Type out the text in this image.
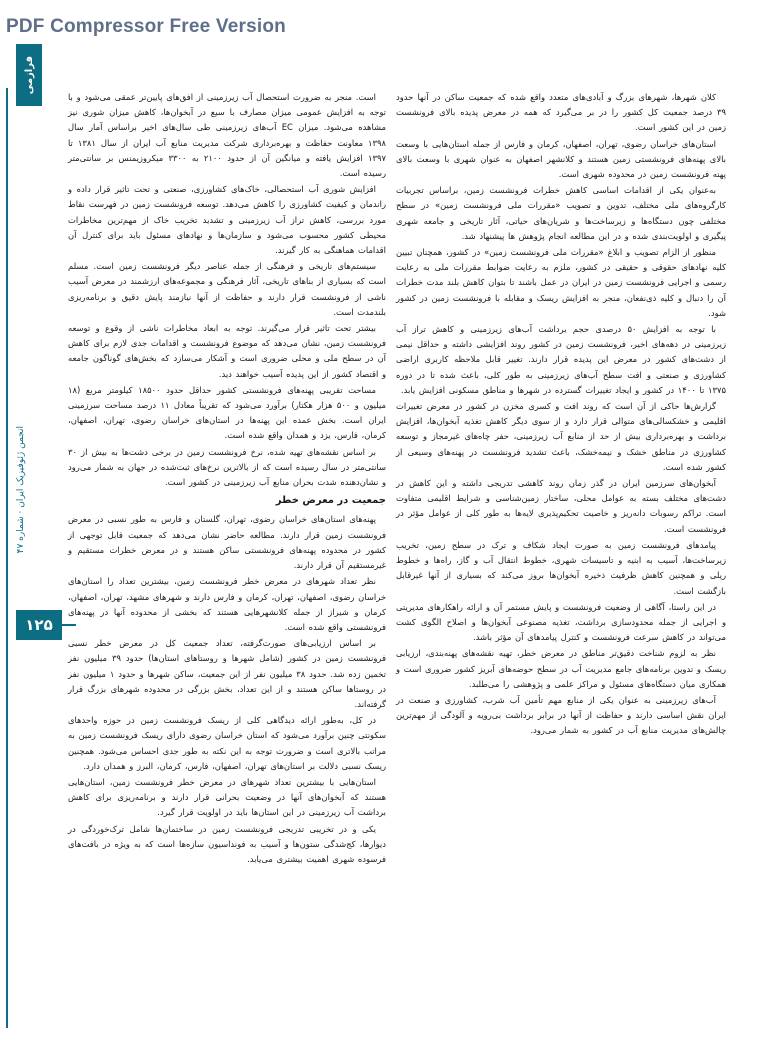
PDF Compressor Free Version
فرازمی
انجمن ژئوفیزیک ایران · شماره ۴۷
۱۲۵

کلان شهرها، شهرهای بزرگ و آبادی‌های متعدد واقع شده که جمعیت ساکن در آنها حدود ۳۹ درصد جمعیت کل کشور را در بر می‌گیرد که همه در معرض پدیده بالای فرونشست زمین در این کشور است.

استان‌های خراسان رضوی، تهران، اصفهان، کرمان و فارس از جمله استان‌هایی با وسعت بالای پهنه‌های فرونشستی زمین هستند و کلانشهر اصفهان به عنوان شهری با وسعت بالای پهنه فرونشست زمین در محدوده شهری است.

به‌عنوان یکی از اقدامات اساسی کاهش خطرات فرونشست زمین، براساس تجربیات کارگروه‌های ملی مختلف، تدوین و تصویب «مقررات ملی فرونشست زمین» در سطح مختلفی چون دستگاه‌ها و زیرساخت‌ها و شریان‌های حیاتی، آثار تاریخی و جامعه شهری پیگیری و اولویت‌بندی شده و در این مطالعه انجام پژوهش ها پیشنهاد شد.

منظور از الزام تصویب و ابلاغ «مقررات ملی فرونشست زمین» در کشور، همچنان تبیین کلیه نهادهای حقوقی و حقیقی در کشور، ملزم به رعایت ضوابط مقررات ملی به رعایت رسمی و اجرایی فرونشست زمین در ایران در عمل باشند تا بتوان کاهش بلند مدت خطرات آن را دنبال و کلیه ذی‌نفعان، منجر به افزایش ریسک و مقابله با فرونشست زمین در کشور شود.

با توجه به افزایش ۵۰ درصدی حجم برداشت آب‌های زیرزمینی و کاهش تراز آب زیرزمینی در دهه‌های اخیر، فرونشست زمین در کشور روند افزایشی داشته و حداقل نیمی از دشت‌های کشور در معرض این پدیده قرار دارند. تغییر قابل ملاحظه کاربری اراضی کشاورزی و صنعتی و افت سطح آب‌های زیرزمینی به طور کلی، باعث شده تا در دوره ۱۳۷۵ تا ۱۴۰۰ در کشور و ایجاد تغییرات گسترده در شهرها و مناطق مسکونی افزایش یابد.

گزارش‌ها حاکی از آن است که روند افت و کسری مخزن در کشور در معرض تغییرات اقلیمی و خشکسالی‌های متوالی قرار دارد و از سوی دیگر کاهش تغذیه آبخوان‌ها، افزایش برداشت و بهره‌برداری بیش از حد از منابع آب زیرزمینی، حفر چاه‌های غیرمجاز و توسعه کشاورزی در مناطق خشک و نیمه‌خشک، باعث تشدید فرونشست در پهنه‌های وسیعی از کشور شده است.

آبخوان‌های سرزمین ایران در گذر زمان روند کاهشی تدریجی داشته و این کاهش در دشت‌های مختلف بسته به عوامل محلی، ساختار زمین‌شناسی و شرایط اقلیمی متفاوت است. تراکم رسوبات دانه‌ریز و خاصیت تحکیم‌پذیری لایه‌ها به طور کلی از عوامل مؤثر در فرونشست است.

پیامدهای فرونشست زمین به صورت ایجاد شکاف و ترک در سطح زمین، تخریب زیرساخت‌ها، آسیب به ابنیه و تاسیسات شهری، خطوط انتقال آب و گاز، راه‌ها و خطوط ریلی و همچنین کاهش ظرفیت ذخیره آبخوان‌ها بروز می‌کند که بسیاری از آنها غیرقابل بازگشت است.

در این راستا، آگاهی از وضعیت فرونشست و پایش مستمر آن و ارائه راهکارهای مدیریتی و اجرایی از جمله محدودسازی برداشت، تغذیه مصنوعی آبخوان‌ها و اصلاح الگوی کشت می‌تواند در کاهش سرعت فرونشست و کنترل پیامدهای آن مؤثر باشد.

نظر به لزوم شناخت دقیق‌تر مناطق در معرض خطر، تهیه نقشه‌های پهنه‌بندی، ارزیابی ریسک و تدوین برنامه‌های جامع مدیریت آب در سطح حوضه‌های آبریز کشور ضروری است و همکاری میان دستگاه‌های مسئول و مراکز علمی و پژوهشی را می‌طلبد.

آب‌های زیرزمینی به عنوان یکی از منابع مهم تأمین آب شرب، کشاورزی و صنعت در ایران نقش اساسی دارند و حفاظت از آنها در برابر برداشت بی‌رویه و آلودگی از مهم‌ترین چالش‌های مدیریت منابع آب در کشور به شمار می‌رود.

است. منجر به ضرورت استحصال آب زیرزمینی از افق‌های پایین‌تر عمقی می‌شود و با توجه به افزایش عمومی میزان مصارف با سیع در آبخوان‌ها، کاهش میزان شوری نیز مشاهده می‌شود. میزان EC آب‌های زیرزمینی طی سال‌های اخیر براساس آمار سال ۱۳۹۸ معاونت حفاظت و بهره‌برداری شرکت مدیریت منابع آب ایران از سال ۱۳۸۱ تا ۱۳۹۷ افزایش یافته و میانگین آن از حدود ۲۱۰۰ به ۳۳۰۰ میکروزیمنس بر سانتی‌متر رسیده است.

افزایش شوری آب استحصالی، خاک‌های کشاورزی، صنعتی و تحت تاثیر قرار داده و راندمان و کیفیت کشاورزی را کاهش می‌دهد. توسعه فرونشست زمین در فهرست نقاط مورد بررسی، کاهش تراز آب زیرزمینی و تشدید تخریب خاک از مهم‌ترین مخاطرات محیطی کشور محسوب می‌شود و سازمان‌ها و نهادهای مسئول باید برای کنترل آن اقدامات هماهنگی به کار گیرند.

سیستم‌های تاریخی و فرهنگی از جمله عناصر دیگر فرونشست زمین است. مسلم است که بسیاری از بناهای تاریخی، آثار فرهنگی و مجموعه‌های ارزشمند در معرض آسیب ناشی از فرونشست قرار دارند و حفاظت از آنها نیازمند پایش دقیق و برنامه‌ریزی بلندمدت است.

بیشتر تحت تاثیر قرار می‌گیرند. توجه به ابعاد مخاطرات ناشی از وقوع و توسعه فرونشست زمین، نشان می‌دهد که موضوع فرونشست و اقدامات جدی لازم برای کاهش آن در سطح ملی و محلی ضروری است و آشکار می‌سازد که بخش‌های گوناگون جامعه و اقتصاد کشور از این پدیده آسیب خواهند دید.

مساحت تقریبی پهنه‌های فرونشستی کشور حداقل حدود ۱۸۵۰۰ کیلومتر مربع (۱۸ میلیون و ۵۰۰ هزار هکتار) برآورد می‌شود که تقریباً معادل ۱۱ درصد مساحت سرزمینی ایران است. بخش عمده این پهنه‌ها در استان‌های خراسان رضوی، تهران، اصفهان، کرمان، فارس، یزد و همدان واقع شده است.

بر اساس نقشه‌های تهیه شده، نرخ فرونشست زمین در برخی دشت‌ها به بیش از ۳۰ سانتی‌متر در سال رسیده است که از بالاترین نرخ‌های ثبت‌شده در جهان به شمار می‌رود و نشان‌دهنده شدت بحران منابع آب زیرزمینی در کشور است.

جمعیت در معرض خطر

پهنه‌های استان‌های خراسان رضوی، تهران، گلستان و فارس به طور نسبی در معرض فرونشست زمین قرار دارند. مطالعه حاضر نشان می‌دهد که جمعیت قابل توجهی از کشور در محدوده پهنه‌های فرونشستی ساکن هستند و در معرض خطرات مستقیم و غیرمستقیم آن قرار دارند.

نظر تعداد شهرهای در معرض خطر فرونشست زمین، بیشترین تعداد را استان‌های خراسان رضوی، اصفهان، تهران، کرمان و فارس دارند و شهرهای مشهد، تهران، اصفهان، کرمان و شیراز از جمله کلانشهرهایی هستند که بخشی از محدوده آنها در پهنه‌های فرونشستی واقع شده است.

بر اساس ارزیابی‌های صورت‌گرفته، تعداد جمعیت کل در معرض خطر نسبی فرونشست زمین در کشور (شامل شهرها و روستاهای استان‌ها) حدود ۳۹ میلیون نفر تخمین زده شد. حدود ۳۸ میلیون نفر از این جمعیت، ساکن شهرها و حدود ۱ میلیون نفر در روستاها ساکن هستند و از این تعداد، بخش بزرگی در محدوده شهرهای بزرگ قرار گرفته‌اند.

در کل، به‌طور ارائه دیدگاهی کلی از ریسک فرونشست زمین در حوزه واحدهای سکونتی چنین برآورد می‌شود که استان خراسان رضوی دارای ریسک فرونشست زمین به مراتب بالاتری است و ضرورت توجه به این نکته به طور جدی احساس می‌شود. همچنین ریسک نسبی دلالت بر استان‌های تهران، اصفهان، فارس، کرمان، البرز و همدان دارد.

استان‌هایی با بیشترین تعداد شهرهای در معرض خطر فرونشست زمین، استان‌هایی هستند که آبخوان‌های آنها در وضعیت بحرانی قرار دارند و برنامه‌ریزی برای کاهش برداشت آب زیرزمینی در این استان‌ها باید در اولویت قرار گیرد.

یکی و در تخریبی تدریجی فرونشست زمین در ساختمان‌ها شامل ترک‌خوردگی در دیوارها، کج‌شدگی ستون‌ها و آسیب به فونداسیون سازه‌ها است که به ویژه در بافت‌های فرسوده شهری اهمیت بیشتری می‌یابد.
